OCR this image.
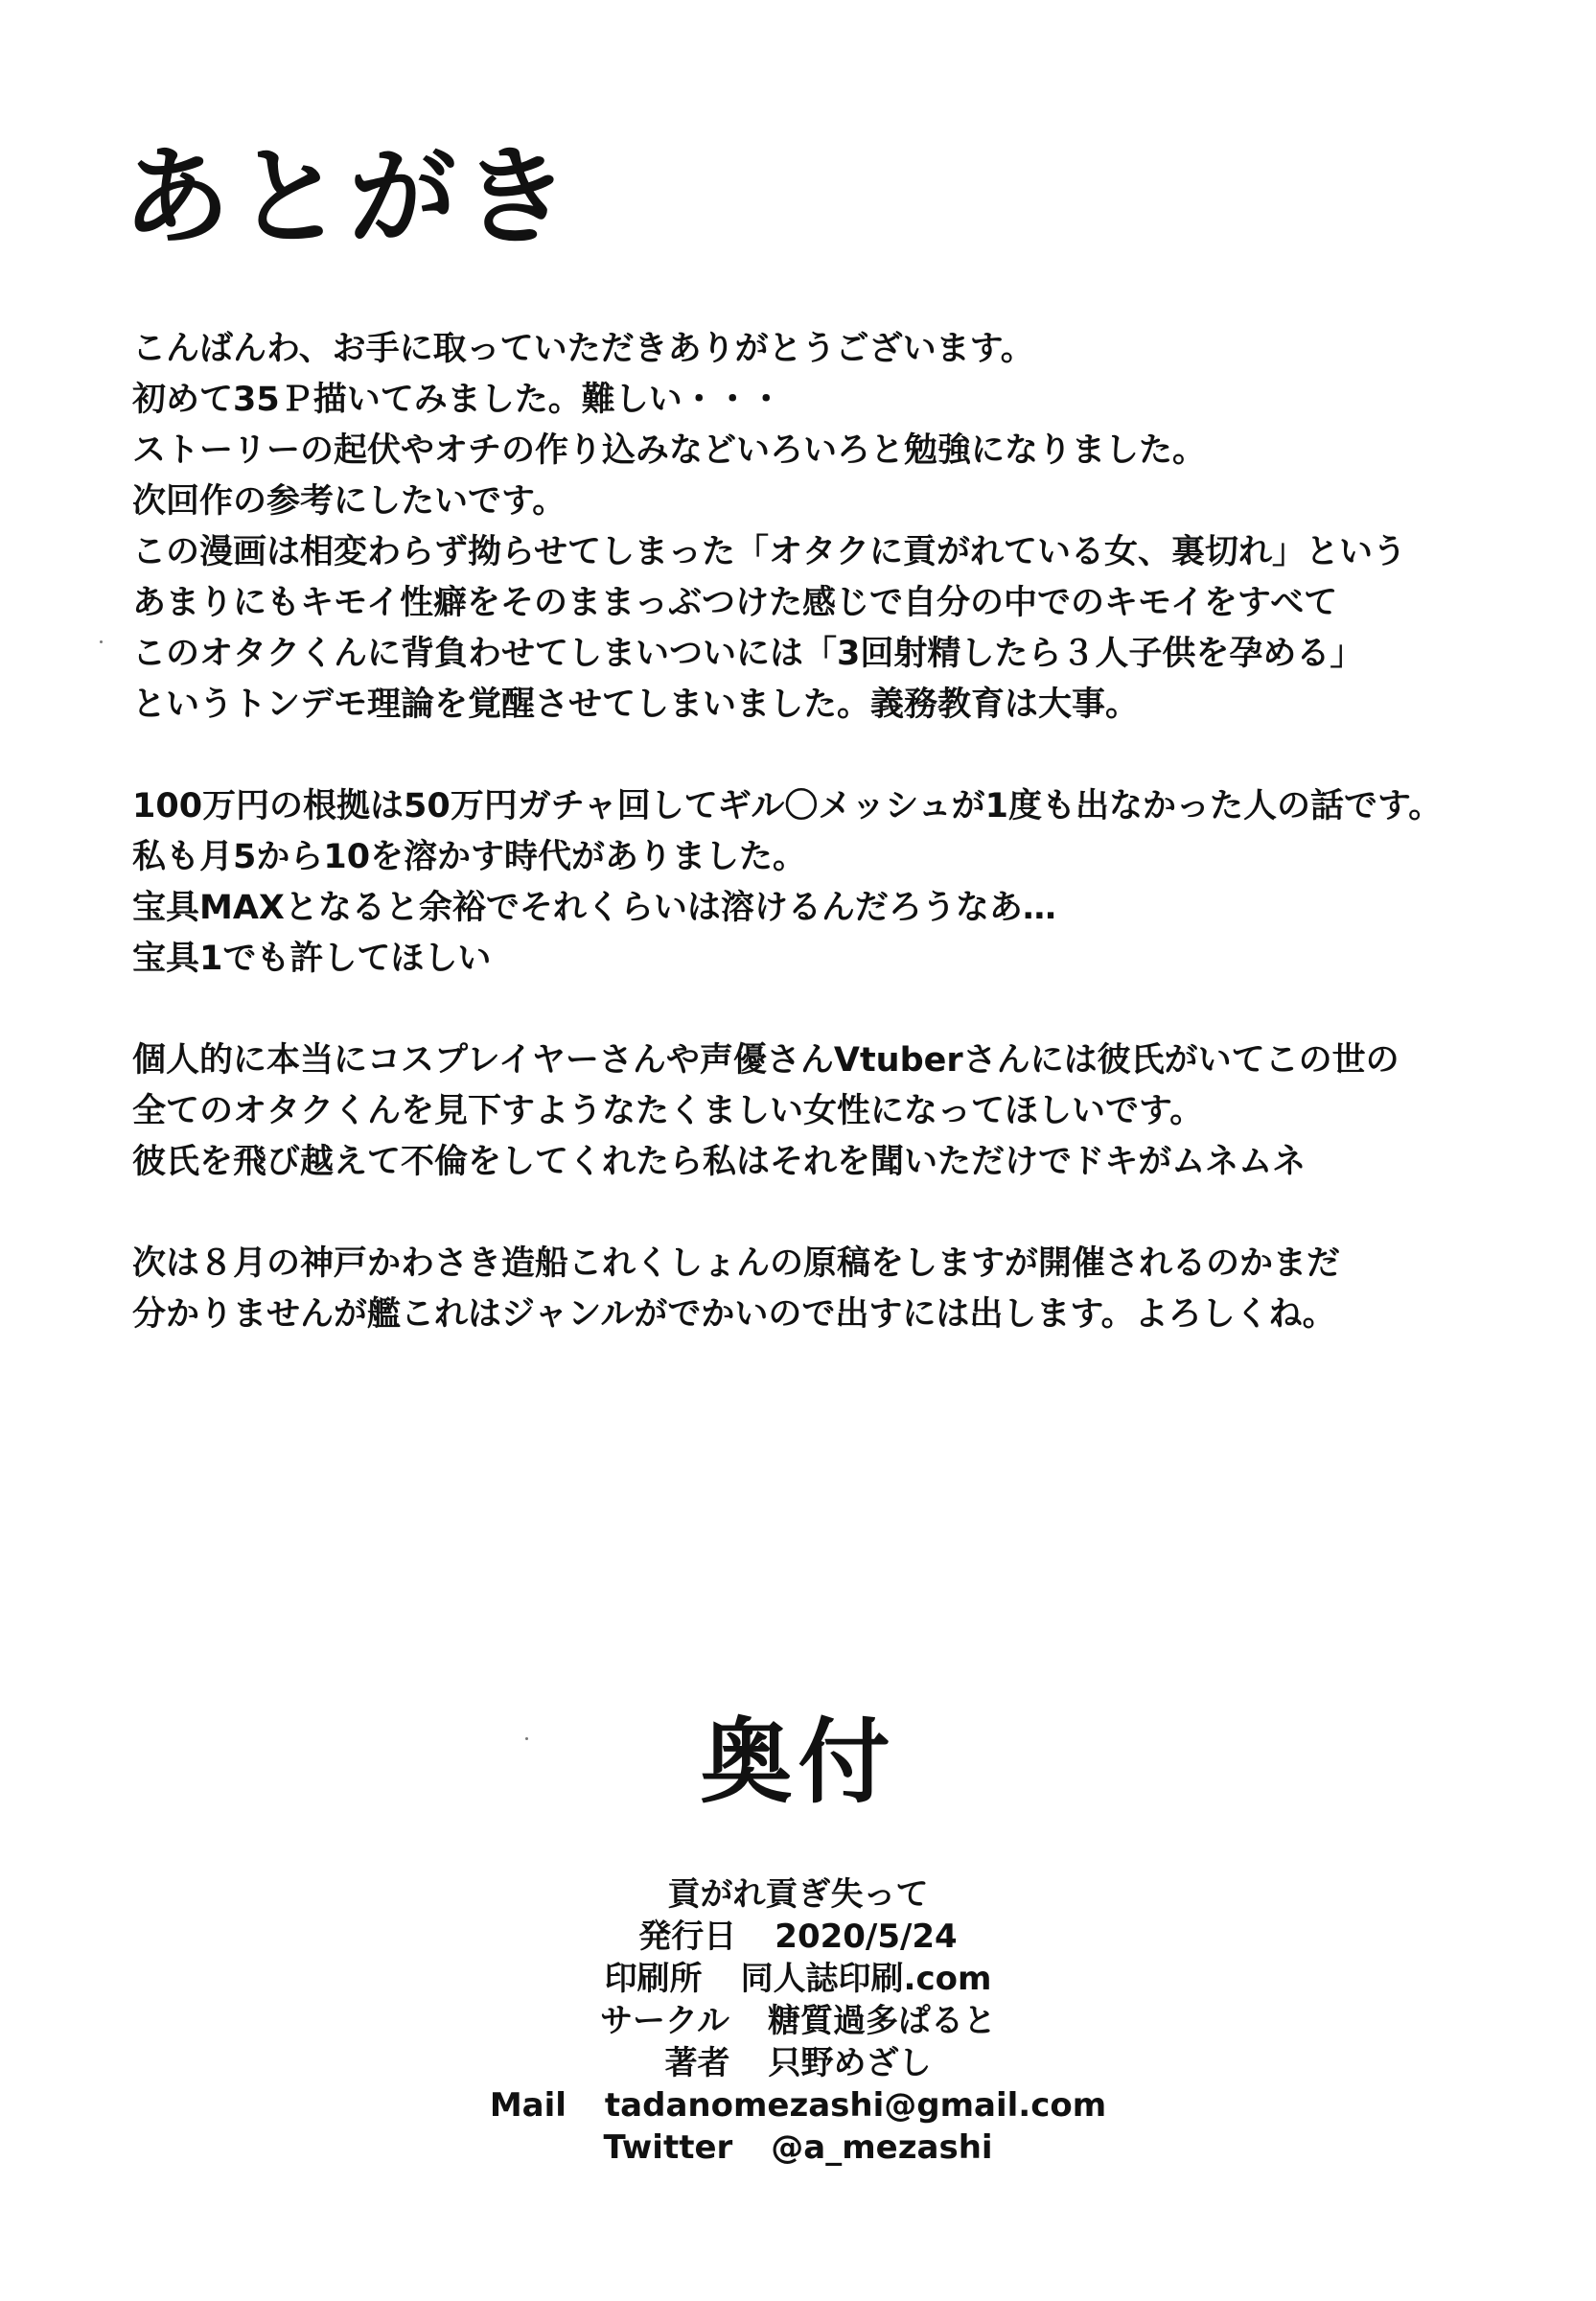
あとがき

こんばんわ、お手に取っていただきありがとうございます。
初めて35Ｐ描いてみました。難しい・・・
ストーリーの起伏やオチの作り込みなどいろいろと勉強になりました。
次回作の参考にしたいです。
この漫画は相変わらず拗らせてしまった「オタクに貢がれている女、裏切れ」という
あまりにもキモイ性癖をそのままっぶつけた感じで自分の中でのキモイをすべて
このオタクくんに背負わせてしまいついには「3回射精したら３人子供を孕める」
というトンデモ理論を覚醒させてしまいました。義務教育は大事。

100万円の根拠は50万円ガチャ回してギル〇メッシュが1度も出なかった人の話です。
私も月5から10を溶かす時代がありました。
宝具MAXとなると余裕でそれくらいは溶けるんだろうなあ…
宝具1でも許してほしい

個人的に本当にコスプレイヤーさんや声優さんVtuberさんには彼氏がいてこの世の
全てのオタクくんを見下すようなたくましい女性になってほしいです。
彼氏を飛び越えて不倫をしてくれたら私はそれを聞いただけでドキがムネムネ

次は８月の神戸かわさき造船これくしょんの原稿をしますが開催されるのかまだ
分かりませんが艦これはジャンルがでかいので出すには出します。よろしくね。

奥付
貢がれ貢ぎ失って
発行日 2020/5/24
印刷所 同人誌印刷.com
サークル 糖質過多ぱると
著者 只野めざし
Mail tadanomezashi@gmail.com
Twitter @a_mezashi
